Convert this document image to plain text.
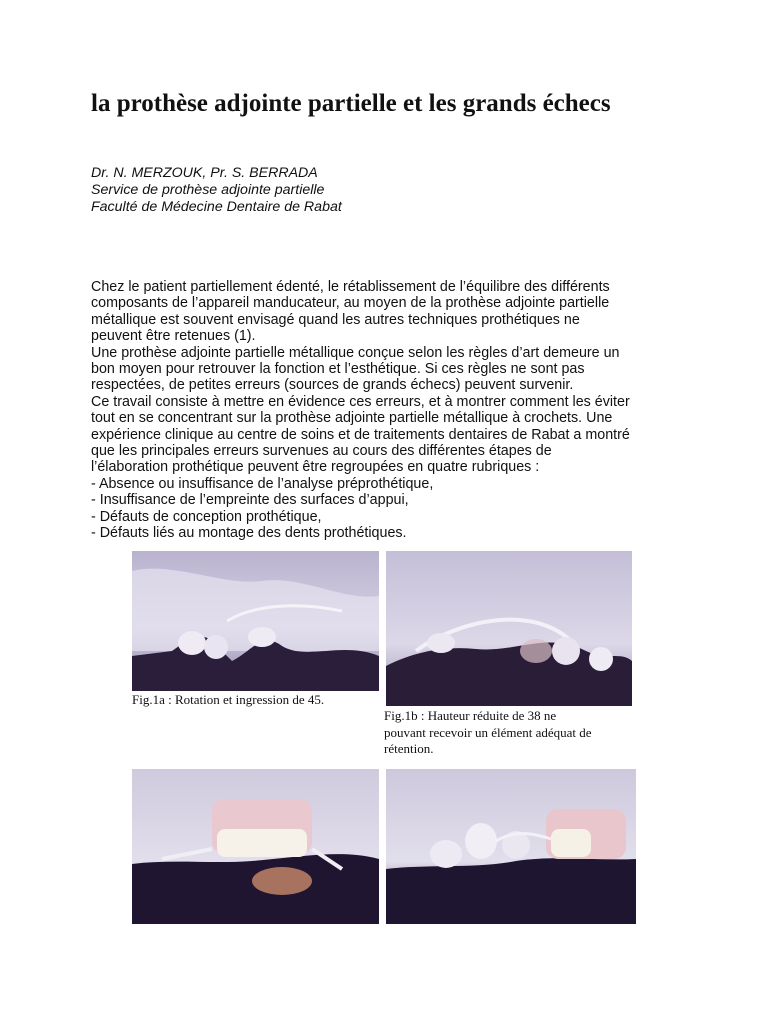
la prothèse adjointe partielle et les grands échecs
Dr. N. MERZOUK, Pr. S. BERRADA
Service de prothèse adjointe partielle
Faculté de Médecine Dentaire de Rabat
Chez le patient partiellement édenté, le rétablissement de l’équilibre des différents
composants de l’appareil manducateur, au moyen de la prothèse adjointe partielle
métallique est souvent envisagé quand les autres techniques prothétiques ne
peuvent être retenues (1).
Une prothèse adjointe partielle métallique conçue selon les règles d’art demeure un
bon moyen pour retrouver la fonction et l’esthétique. Si ces règles ne sont pas
respectées, de petites erreurs (sources de grands échecs) peuvent survenir.
Ce travail consiste à mettre en évidence ces erreurs, et à montrer comment les éviter
tout en se concentrant sur la prothèse adjointe partielle métallique à crochets. Une
expérience clinique au centre de soins et de traitements dentaires de Rabat a montré
que les principales erreurs survenues au cours des différentes étapes de
l’élaboration prothétique peuvent être regroupées en quatre rubriques :
- Absence ou insuffisance de l’analyse préprothétique,
- Insuffisance de l’empreinte des surfaces d’appui,
- Défauts de conception prothétique,
- Défauts liés au montage des dents prothétiques.
Fig.1a : Rotation et ingression de 45.
Fig.1b : Hauteur réduite de 38 ne
pouvant recevoir un élément adéquat de
rétention.
